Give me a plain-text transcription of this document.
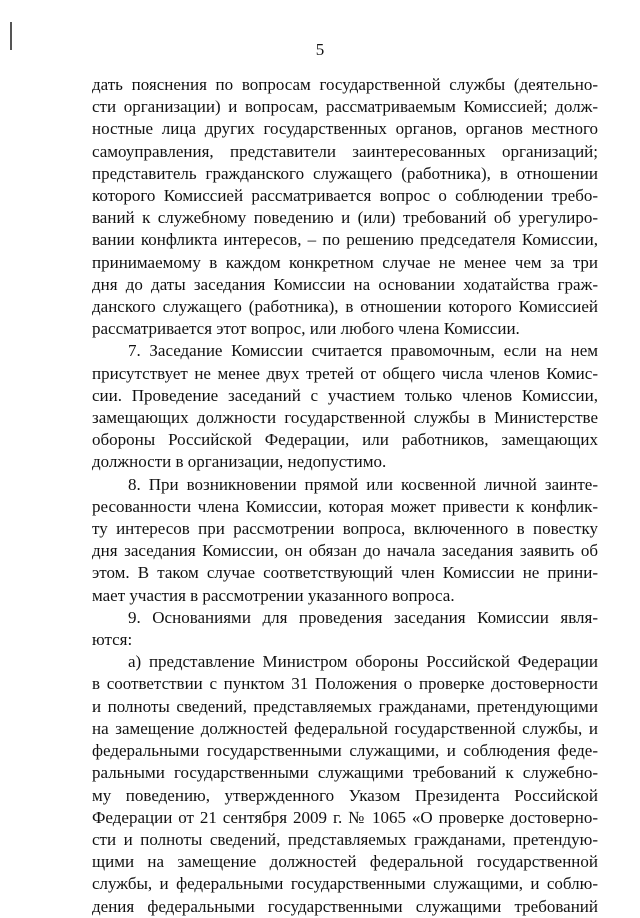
5
дать пояснения по вопросам государственной службы (деятельно-
сти организации) и вопросам, рассматриваемым Комиссией; долж-
ностные лица других государственных органов, органов местного
самоуправления, представители заинтересованных организаций;
представитель гражданского служащего (работника), в отношении
которого Комиссией рассматривается вопрос о соблюдении требо-
ваний к служебному поведению и (или) требований об урегулиро-
вании конфликта интересов, – по решению председателя Комиссии,
принимаемому в каждом конкретном случае не менее чем за три
дня до даты заседания Комиссии на основании ходатайства граж-
данского служащего (работника), в отношении которого Комиссией
рассматривается этот вопрос, или любого члена Комиссии.
7. Заседание Комиссии считается правомочным, если на нем
присутствует не менее двух третей от общего числа членов Комис-
сии. Проведение заседаний с участием только членов Комиссии,
замещающих должности государственной службы в Министерстве
обороны Российской Федерации, или работников, замещающих
должности в организации, недопустимо.
8. При возникновении прямой или косвенной личной заинте-
ресованности члена Комиссии, которая может привести к конфлик-
ту интересов при рассмотрении вопроса, включенного в повестку
дня заседания Комиссии, он обязан до начала заседания заявить об
этом. В таком случае соответствующий член Комиссии не прини-
мает участия в рассмотрении указанного вопроса.
9. Основаниями для проведения заседания Комиссии явля-
ются:
а) представление Министром обороны Российской Федерации
в соответствии с пунктом 31 Положения о проверке достоверности
и полноты сведений, представляемых гражданами, претендующими
на замещение должностей федеральной государственной службы, и
федеральными государственными служащими, и соблюдения феде-
ральными государственными служащими требований к служебно-
му поведению, утвержденного Указом Президента Российской
Федерации от 21 сентября 2009 г. № 1065 «О проверке достоверно-
сти и полноты сведений, представляемых гражданами, претендую-
щими на замещение должностей федеральной государственной
службы, и федеральными государственными служащими, и соблю-
дения федеральными государственными служащими требований
